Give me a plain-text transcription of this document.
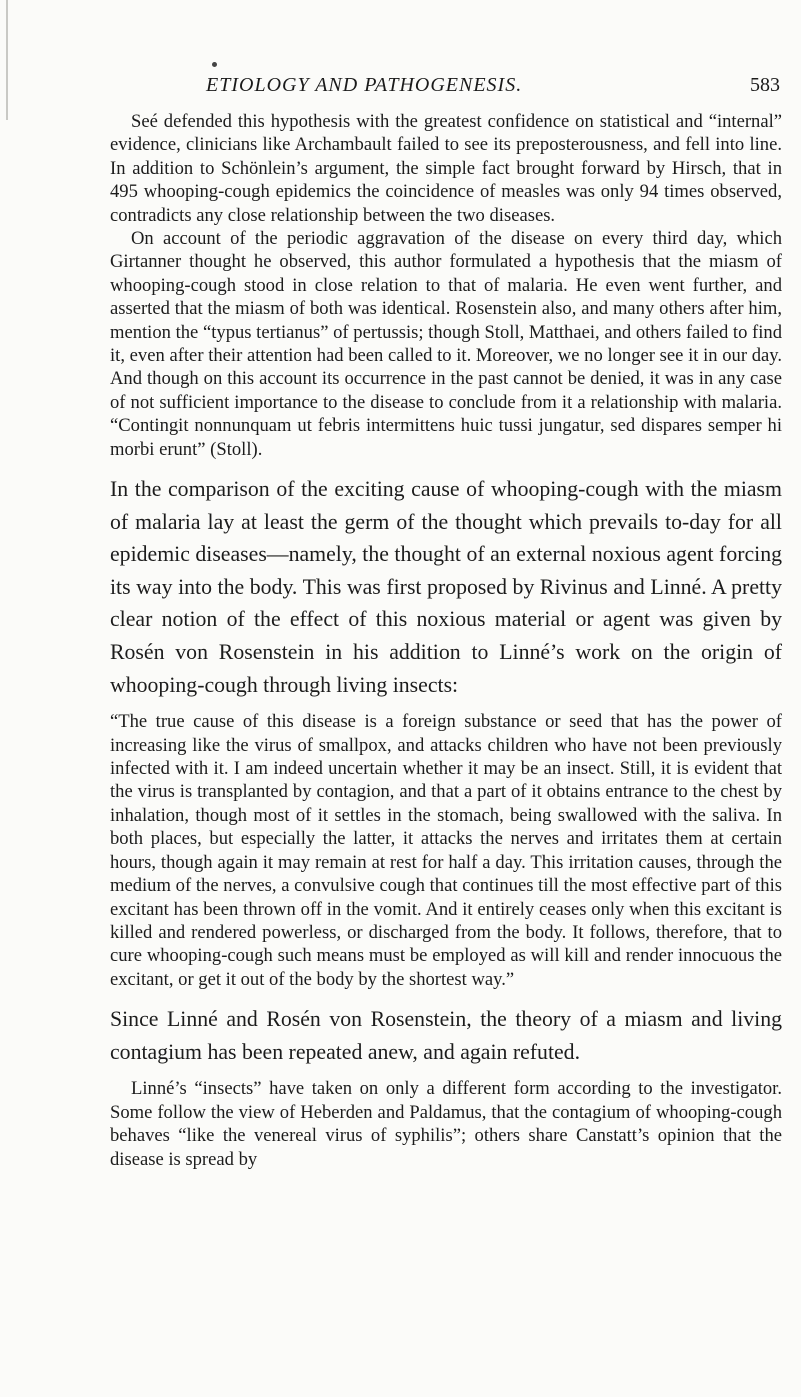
ETIOLOGY AND PATHOGENESIS.	583

Seé defended this hypothesis with the greatest confidence on statistical and “internal” evidence, clinicians like Archambault failed to see its preposterousness, and fell into line. In addition to Schönlein’s argument, the simple fact brought forward by Hirsch, that in 495 whooping-cough epidemics the coincidence of measles was only 94 times observed, contradicts any close relationship between the two diseases.

On account of the periodic aggravation of the disease on every third day, which Girtanner thought he observed, this author formulated a hypothesis that the miasm of whooping-cough stood in close relation to that of malaria. He even went further, and asserted that the miasm of both was identical. Rosenstein also, and many others after him, mention the “typus tertianus” of pertussis; though Stoll, Matthaei, and others failed to find it, even after their attention had been called to it. Moreover, we no longer see it in our day. And though on this account its occurrence in the past cannot be denied, it was in any case of not sufficient importance to the disease to conclude from it a relationship with malaria. “Contingit nonnunquam ut febris intermittens huic tussi jungatur, sed dispares semper hi morbi erunt” (Stoll).

In the comparison of the exciting cause of whooping-cough with the miasm of malaria lay at least the germ of the thought which prevails to-day for all epidemic diseases—namely, the thought of an external noxious agent forcing its way into the body. This was first proposed by Rivinus and Linné. A pretty clear notion of the effect of this noxious material or agent was given by Rosén von Rosenstein in his addition to Linné’s work on the origin of whooping-cough through living insects:

“The true cause of this disease is a foreign substance or seed that has the power of increasing like the virus of smallpox, and attacks children who have not been previously infected with it. I am indeed uncertain whether it may be an insect. Still, it is evident that the virus is transplanted by contagion, and that a part of it obtains entrance to the chest by inhalation, though most of it settles in the stomach, being swallowed with the saliva. In both places, but especially the latter, it attacks the nerves and irritates them at certain hours, though again it may remain at rest for half a day. This irritation causes, through the medium of the nerves, a convulsive cough that continues till the most effective part of this excitant has been thrown off in the vomit. And it entirely ceases only when this excitant is killed and rendered powerless, or discharged from the body. It follows, therefore, that to cure whooping-cough such means must be employed as will kill and render innocuous the excitant, or get it out of the body by the shortest way.”

Since Linné and Rosén von Rosenstein, the theory of a miasm and living contagium has been repeated anew, and again refuted.

Linné’s “insects” have taken on only a different form according to the investigator. Some follow the view of Heberden and Paldamus, that the contagium of whooping-cough behaves “like the venereal virus of syphilis”; others share Canstatt’s opinion that the disease is spread by
